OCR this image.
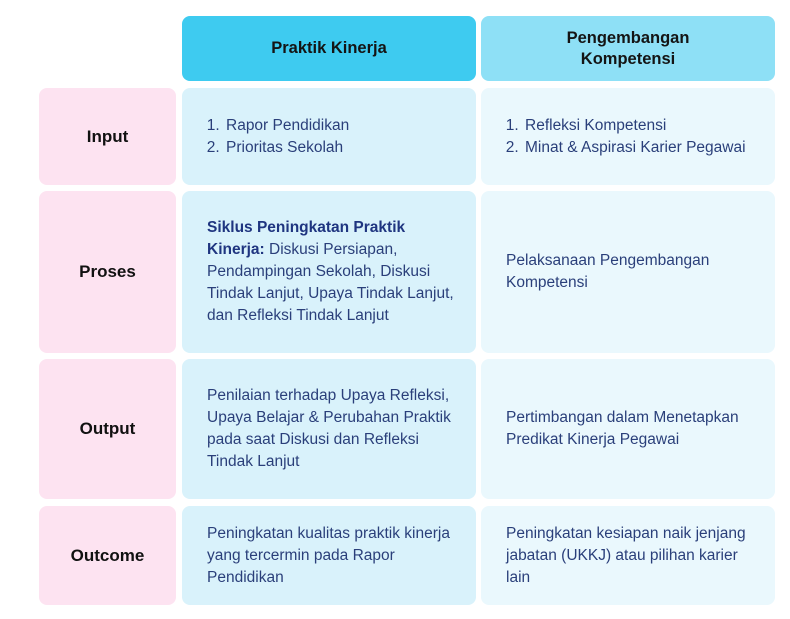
Praktik Kinerja
Pengembangan
Kompetensi
Input
1. Rapor Pendidikan
2. Prioritas Sekolah
1. Refleksi Kompetensi
2. Minat & Aspirasi Karier Pegawai
Proses
Siklus Peningkatan Praktik Kinerja: Diskusi Persiapan, Pendampingan Sekolah, Diskusi Tindak Lanjut, Upaya Tindak Lanjut, dan Refleksi Tindak Lanjut
Pelaksanaan Pengembangan Kompetensi
Output
Penilaian terhadap Upaya Refleksi, Upaya Belajar & Perubahan Praktik pada saat Diskusi dan Refleksi Tindak Lanjut
Pertimbangan dalam Menetapkan Predikat Kinerja Pegawai
Outcome
Peningkatan kualitas praktik kinerja yang tercermin pada Rapor Pendidikan
Peningkatan kesiapan naik jenjang jabatan (UKKJ) atau pilihan karier lain
